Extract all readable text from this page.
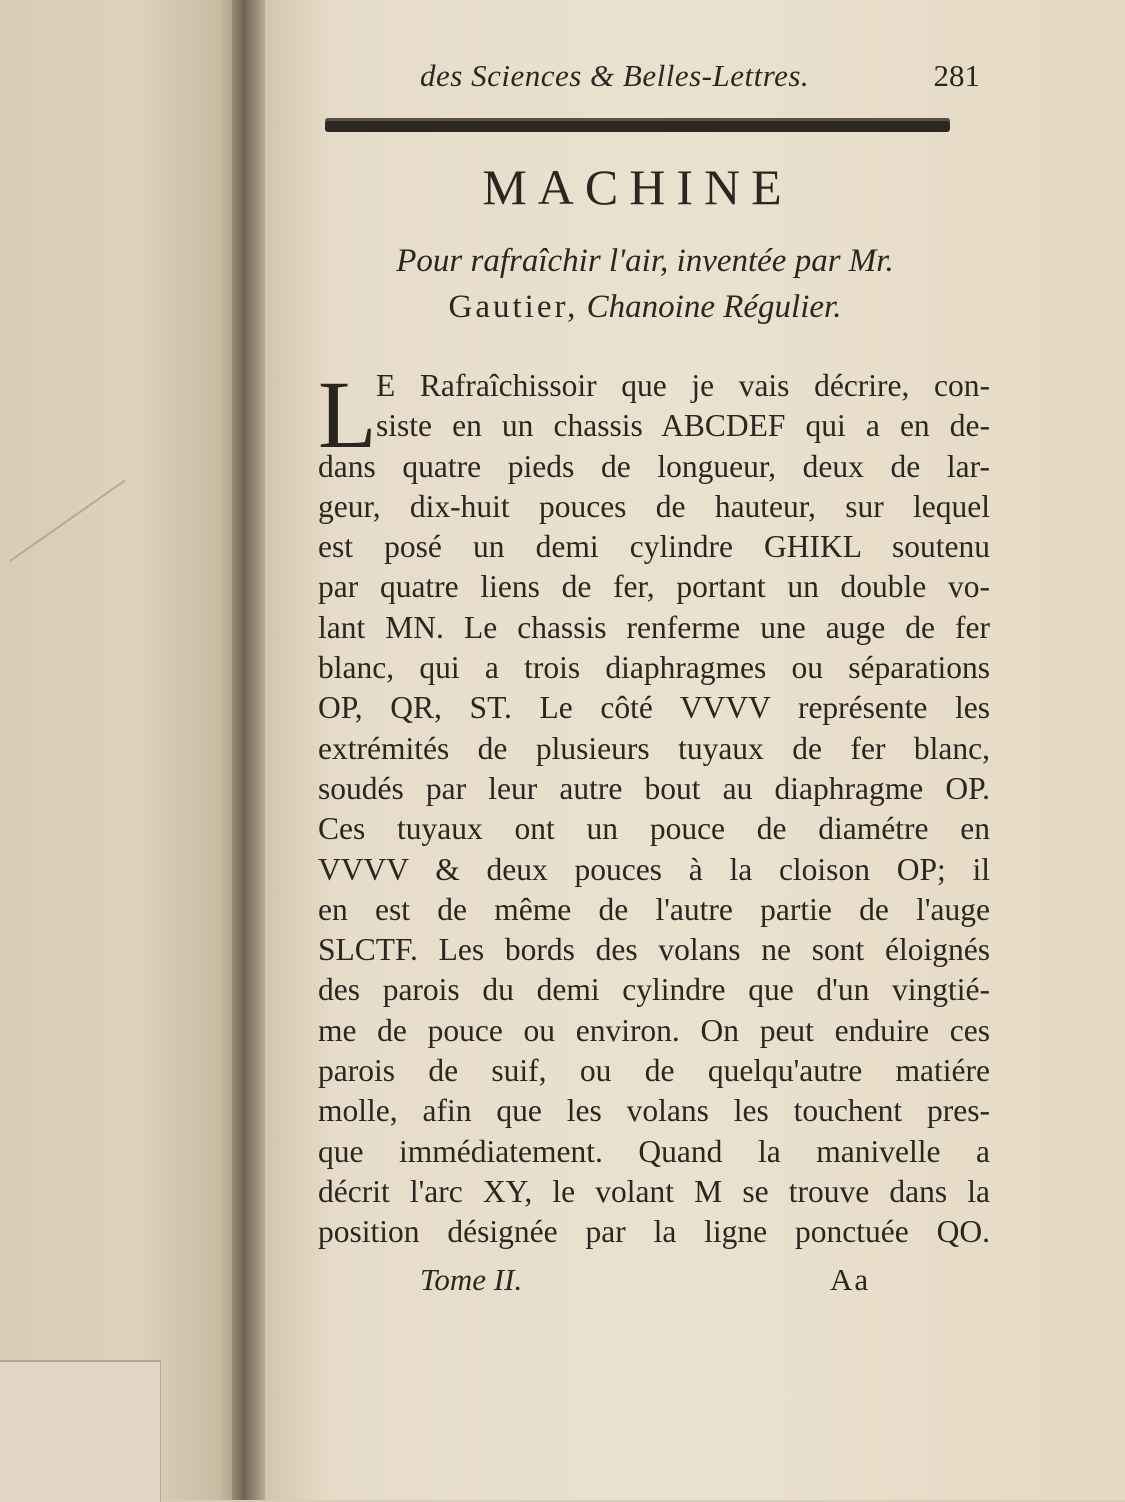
des Sciences & Belles-Lettres.	281
MACHINE
Pour rafraîchir l'air, inventée par Mr.
Gautier, Chanoine Régulier.
L E Rafraîchissoir que je vais décrire, con-
siste en un chassis ABCDEF qui a en de-
dans quatre pieds de longueur, deux de lar-
geur, dix-huit pouces de hauteur, sur lequel
est posé un demi cylindre GHIKL soutenu
par quatre liens de fer, portant un double vo-
lant MN. Le chassis renferme une auge de fer
blanc, qui a trois diaphragmes ou séparations
OP, QR, ST. Le côté VVVV représente les
extrémités de plusieurs tuyaux de fer blanc,
soudés par leur autre bout au diaphragme OP.
Ces tuyaux ont un pouce de diamétre en
VVVV & deux pouces à la cloison OP; il
en est de même de l'autre partie de l'auge
SLCTF. Les bords des volans ne sont éloignés
des parois du demi cylindre que d'un vingtié-
me de pouce ou environ. On peut enduire ces
parois de suif, ou de quelqu'autre matiére
molle, afin que les volans les touchent pres-
que immédiatement. Quand la manivelle a
décrit l'arc XY, le volant M se trouve dans la
position désignée par la ligne ponctuée QO.
Tome II.	Aa
